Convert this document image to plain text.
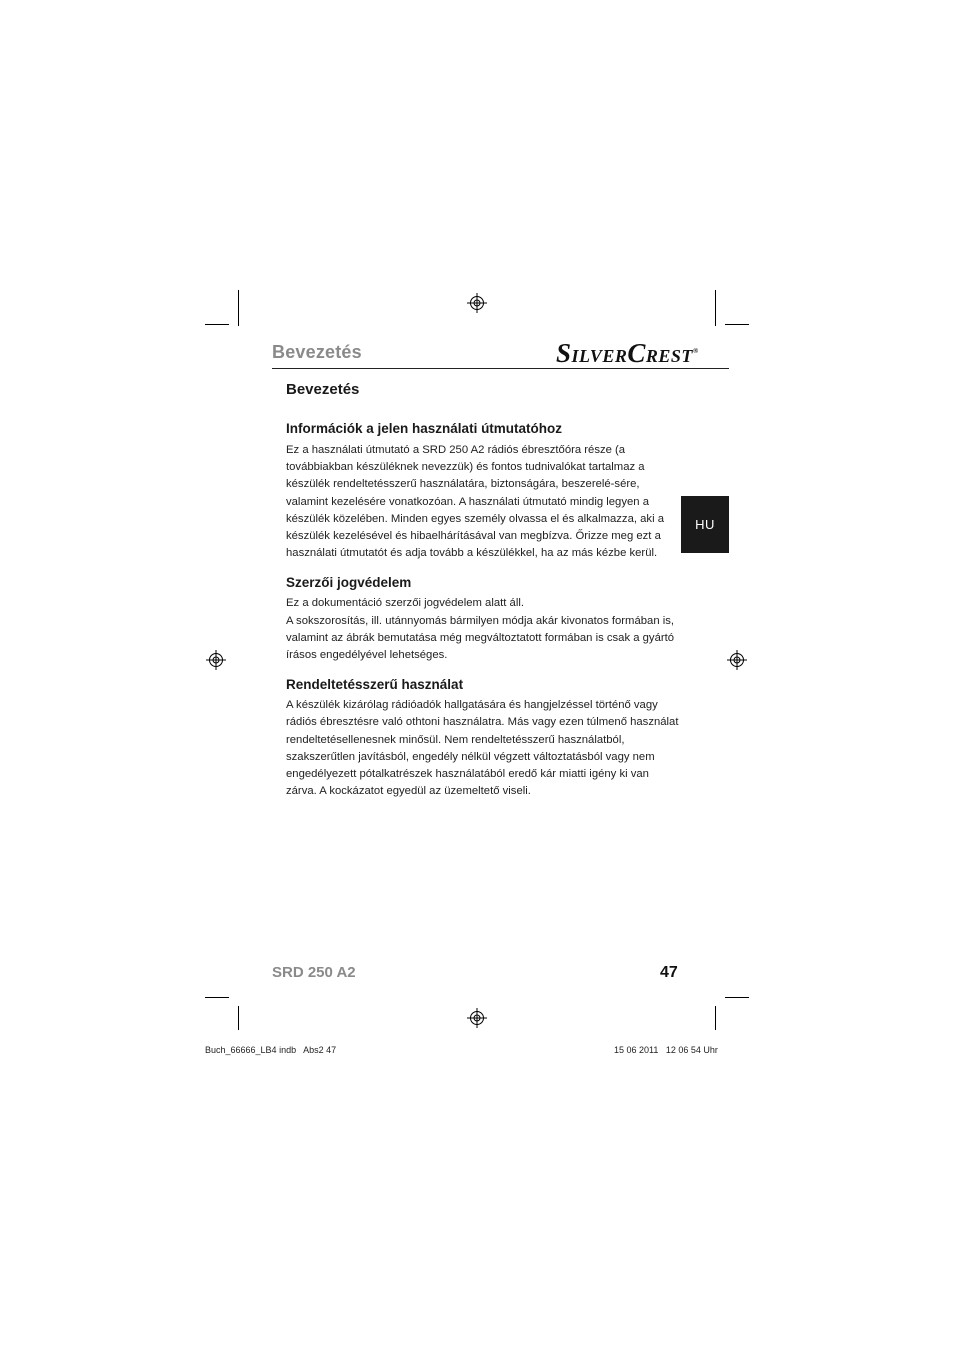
Bevezetés	SILVERCREST®
HU
Bevezetés
Információk a jelen használati útmutatóhoz

Ez a használati útmutató a SRD 250 A2 rádiós ébresztőóra része (a továbbiakban készüléknek nevezzük) és fontos tudnivalókat tartalmaz a készülék rendeltetésszerű használatára, biztonságára, beszerelé-sére, valamint kezelésére vonatkozóan. A használati útmutató mindig legyen a készülék közelében. Minden egyes személy olvassa el és alkalmazza, aki a készülék kezelésével és hibaelhárításával van megbízva. Őrizze meg ezt a használati útmutatót és adja tovább a készülékkel, ha az más kézbe kerül.

Szerzői jogvédelem

Ez a dokumentáció szerzői jogvédelem alatt áll.

A sokszorosítás, ill. utánnyomás bármilyen módja akár kivonatos formában is, valamint az ábrák bemutatása még megváltoztatott formában is csak a gyártó írásos engedélyével lehetséges.

Rendeltetésszerű használat

A készülék kizárólag rádióadók hallgatására és hangjelzéssel történő vagy rádiós ébresztésre való othtoni használatra. Más vagy ezen túlmenő használat rendeltetésellenesnek minősül. Nem rendeltetésszerű használatból, szakszerűtlen javításból, engedély nélkül végzett változtatásból vagy nem engedélyezett pótalkatrészek használatából eredő kár miatti igény ki van zárva. A kockázatot egyedül az üzemeltető viseli.

SRD 250 A2	47
Buch_66666_LB4 indb   Abs2 47	15 06 2011   12 06 54 Uhr
